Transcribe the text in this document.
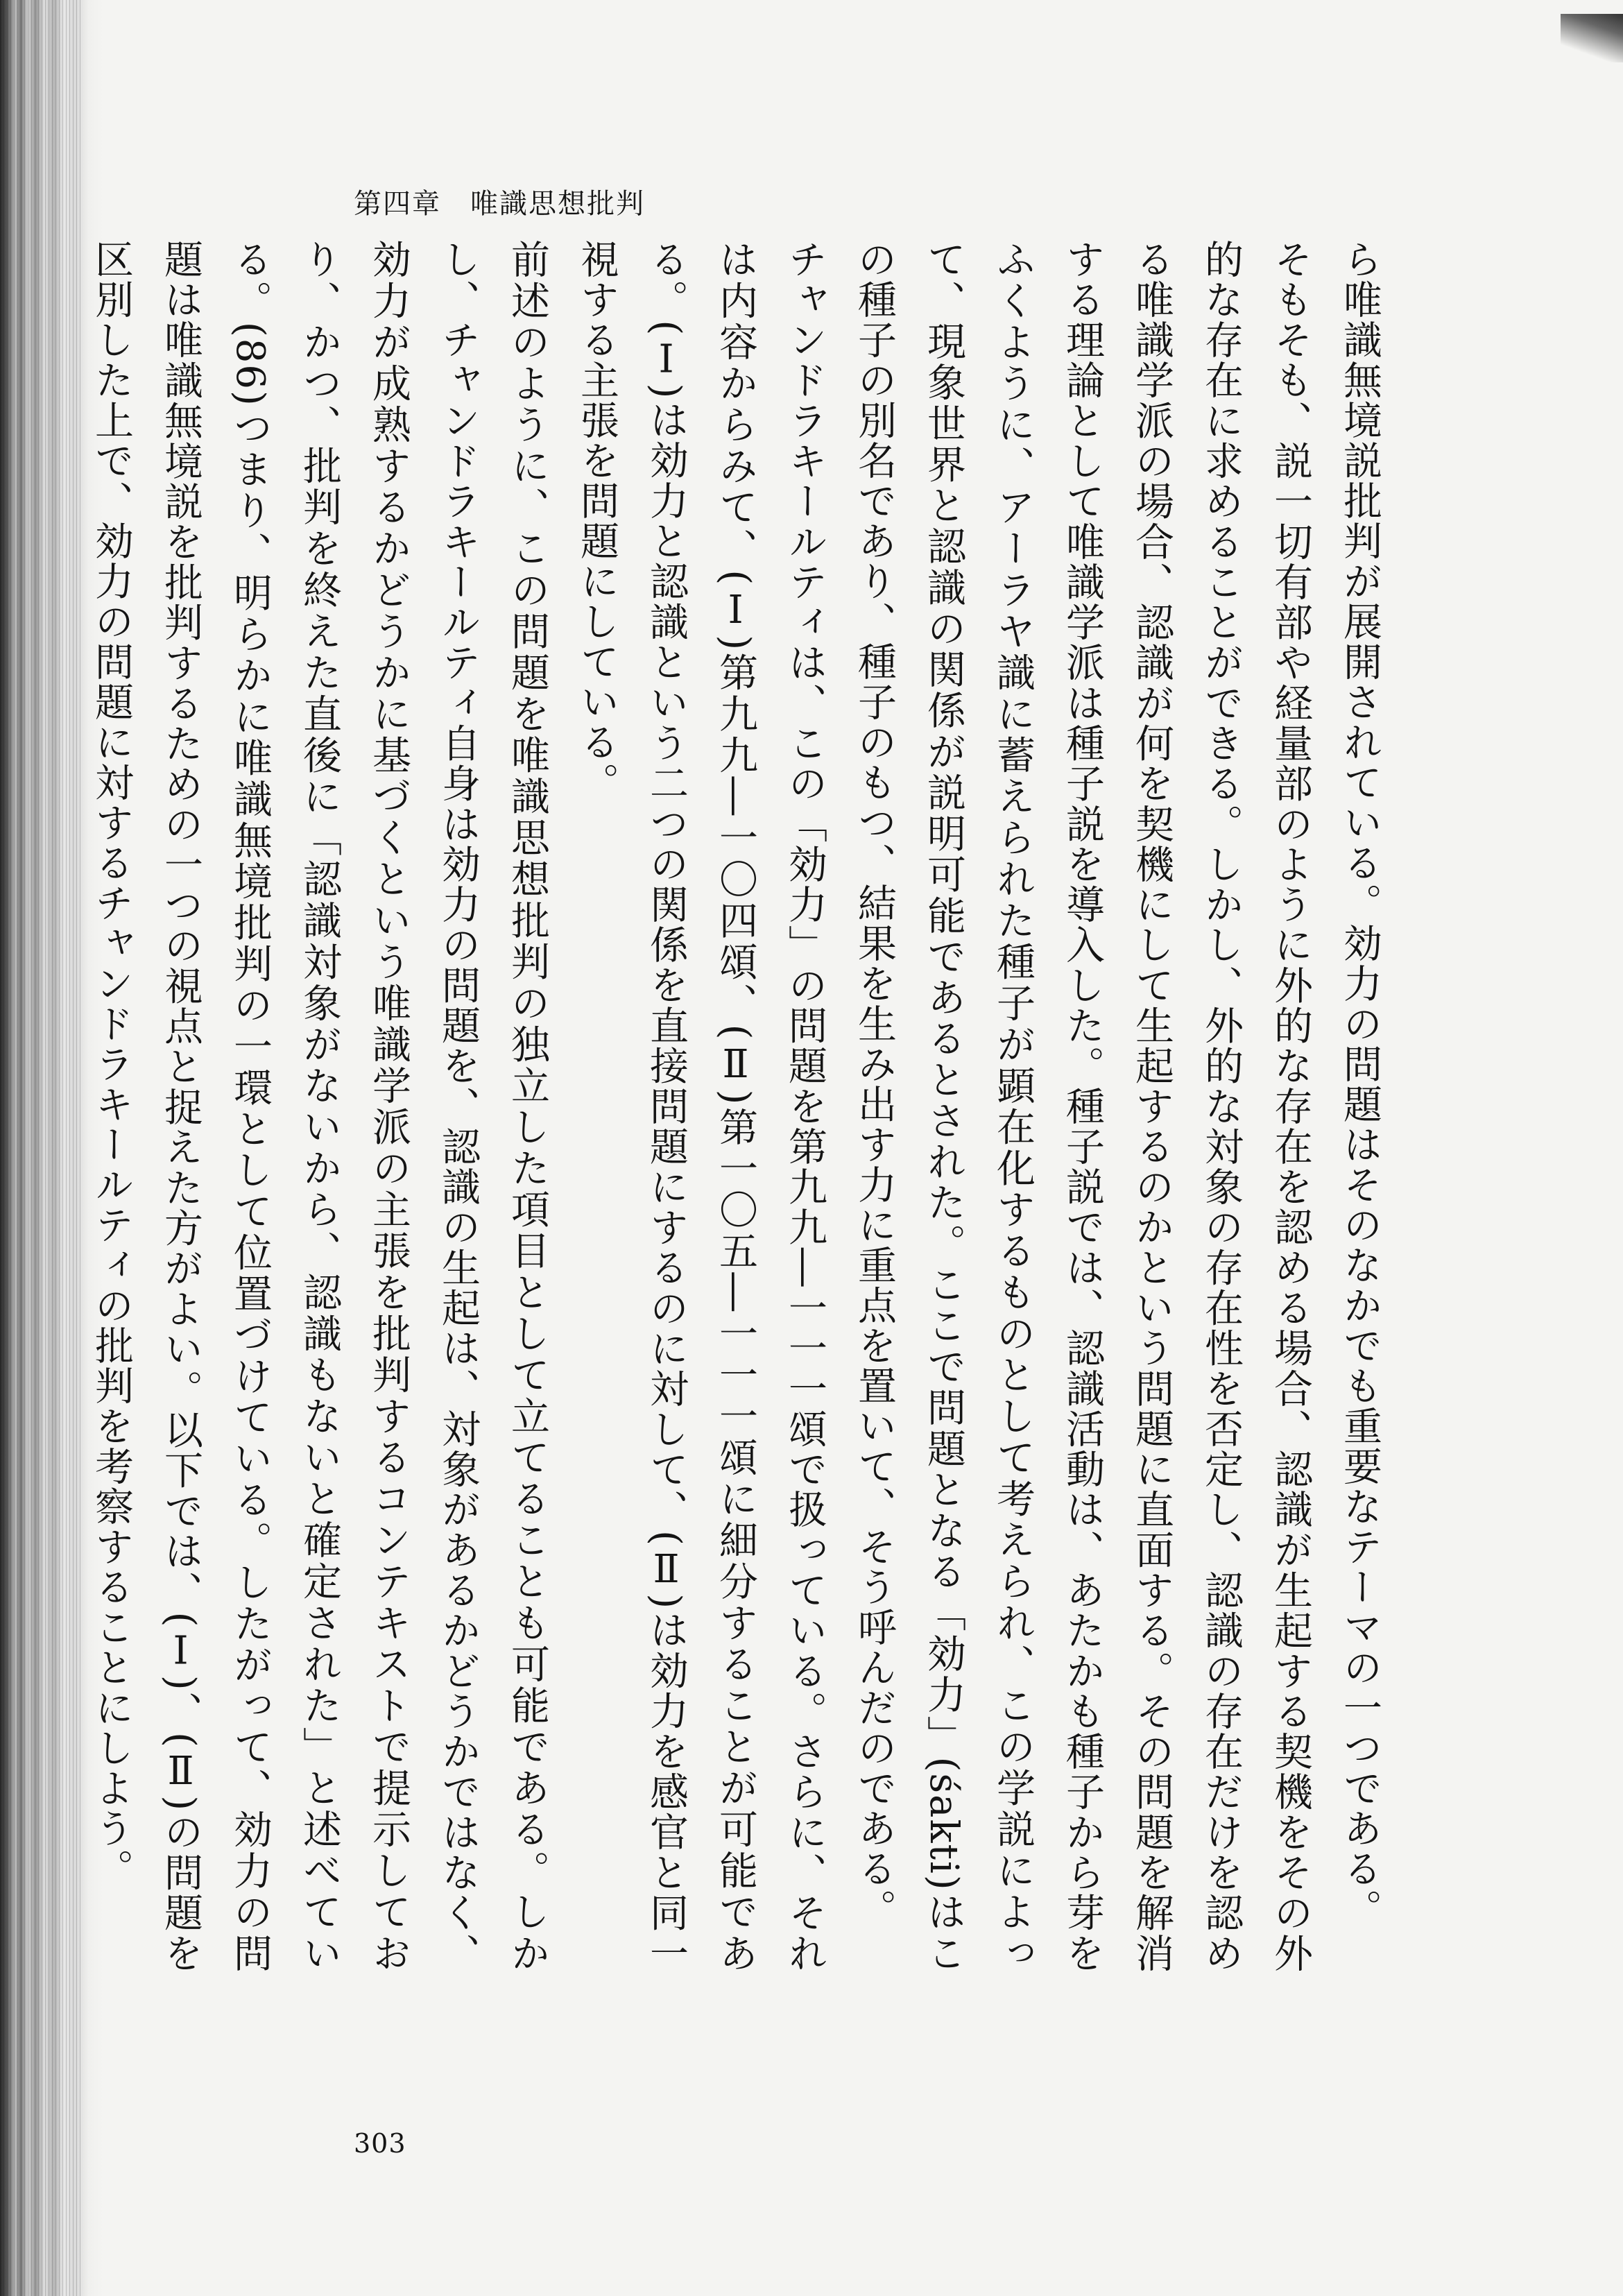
第四章　唯識思想批判

ら唯識無境説批判が展開されている。効力の問題はそのなかでも重要なテーマの一つである。

そもそも、説一切有部や経量部のように外的な存在を認める場合、認識が生起する契機をその外的な存在に求めることができる。しかし、外的な対象の存在性を否定し、認識の存在だけを認める唯識学派の場合、認識が何を契機にして生起するのかという問題に直面する。その問題を解消する理論として唯識学派は種子説を導入した。種子説では、認識活動は、あたかも種子から芽をふくように、アーラヤ識に蓄えられた種子が顕在化するものとして考えられ、この学説によって、現象世界と認識の関係が説明可能であるとされた。ここで問題となる「効力」(śakti)はこの種子の別名であり、種子のもつ、結果を生み出す力に重点を置いて、そう呼んだのである。

チャンドラキールティは、この「効力」の問題を第九九―一一一頌で扱っている。さらに、それは内容からみて、(Ⅰ)第九九―一〇四頌、(Ⅱ)第一〇五―一一一頌に細分することが可能である。(Ⅰ)は効力と認識という二つの関係を直接問題にするのに対して、(Ⅱ)は効力を感官と同一視する主張を問題にしている。

前述のように、この問題を唯識思想批判の独立した項目として立てることも可能である。しかし、チャンドラキールティ自身は効力の問題を、認識の生起は、対象があるかどうかではなく、効力が成熟するかどうかに基づくという唯識学派の主張を批判するコンテキストで提示しており、かつ、批判を終えた直後に「認識対象がないから、認識もないと確定された」と述べている。(86)つまり、明らかに唯識無境批判の一環として位置づけている。したがって、効力の問題は唯識無境説を批判するための一つの視点と捉えた方がよい。以下では、(Ⅰ)、(Ⅱ)の問題を区別した上で、効力の問題に対するチャンドラキールティの批判を考察することにしよう。

303
